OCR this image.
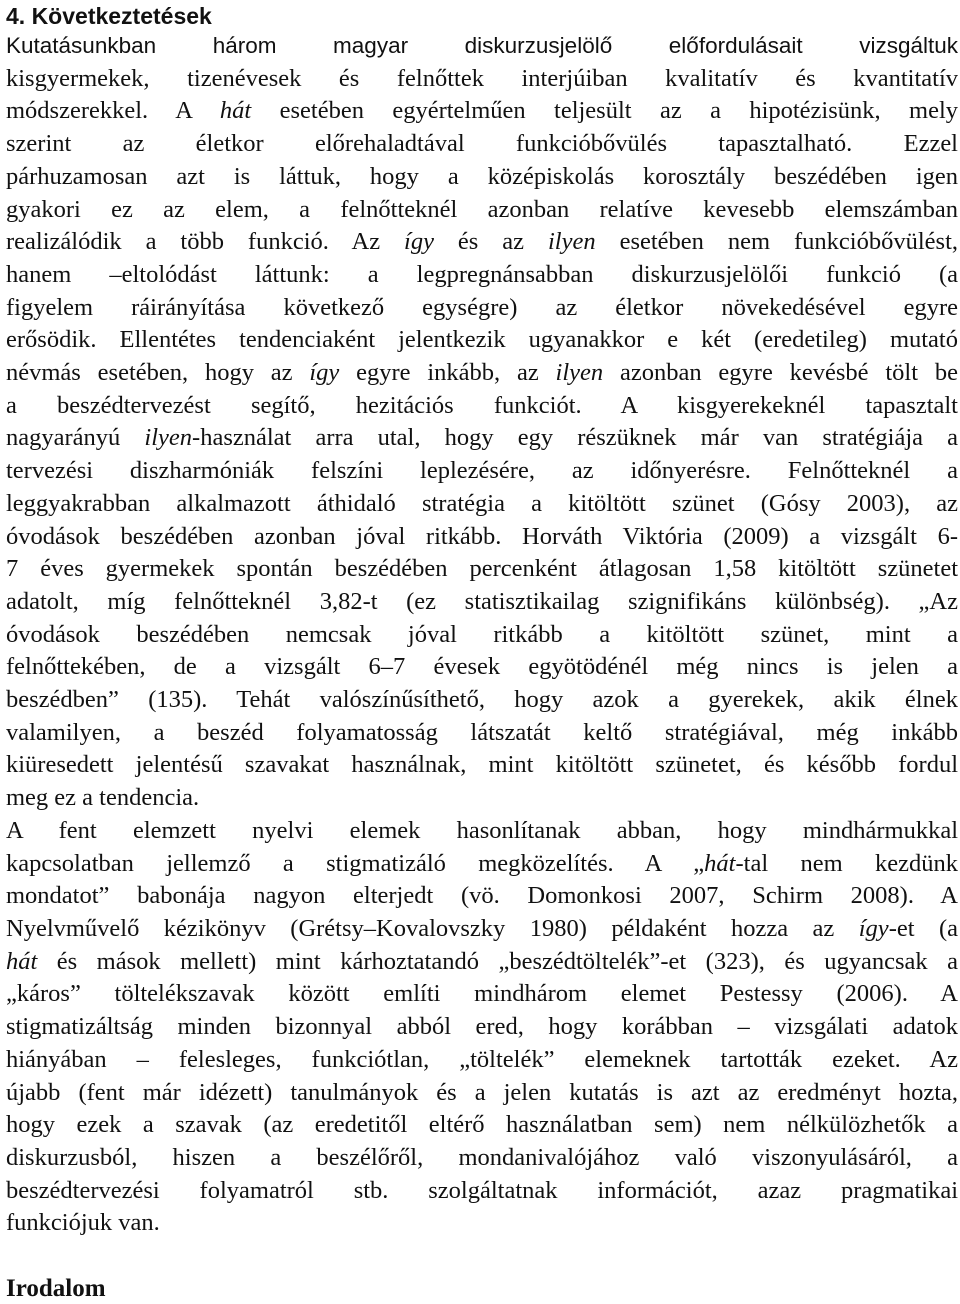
4. Következtetések

Kutatásunkban három magyar diskurzusjelölő előfordulásait vizsgáltuk
kisgyermekek, tizenévesek és felnőttek interjúiban kvalitatív és kvantitatív
módszerekkel. A hát esetében egyértelműen teljesült az a hipotézisünk, mely
szerint az életkor előrehaladtával funkcióbővülés tapasztalható. Ezzel
párhuzamosan azt is láttuk, hogy a középiskolás korosztály beszédében igen
gyakori ez az elem, a felnőtteknél azonban relatíve kevesebb elemszámban
realizálódik a több funkció. Az így és az ilyen esetében nem funkcióbővülést,
hanem –eltolódást láttunk: a legpregnánsabban diskurzusjelölői funkció (a
figyelem ráirányítása következő egységre) az életkor növekedésével egyre
erősödik. Ellentétes tendenciaként jelentkezik ugyanakkor e két (eredetileg) mutató
névmás esetében, hogy az így egyre inkább, az ilyen azonban egyre kevésbé tölt be
a beszédtervezést segítő, hezitációs funkciót. A kisgyerekeknél tapasztalt
nagyarányú ilyen-használat arra utal, hogy egy részüknek már van stratégiája a
tervezési diszharmóniák felszíni leplezésére, az időnyerésre. Felnőtteknél a
leggyakrabban alkalmazott áthidaló stratégia a kitöltött szünet (Gósy 2003), az
óvodások beszédében azonban jóval ritkább. Horváth Viktória (2009) a vizsgált 6-
7 éves gyermekek spontán beszédében percenként átlagosan 1,58 kitöltött szünetet
adatolt, míg felnőtteknél 3,82-t (ez statisztikailag szignifikáns különbség). „Az
óvodások beszédében nemcsak jóval ritkább a kitöltött szünet, mint a
felnőttekében, de a vizsgált 6–7 évesek egyötödénél még nincs is jelen a
beszédben” (135). Tehát valószínűsíthető, hogy azok a gyerekek, akik élnek
valamilyen, a beszéd folyamatosság látszatát keltő stratégiával, még inkább
kiüresedett jelentésű szavakat használnak, mint kitöltött szünetet, és később fordul
meg ez a tendencia.

A fent elemzett nyelvi elemek hasonlítanak abban, hogy mindhármukkal
kapcsolatban jellemző a stigmatizáló megközelítés. A „hát-tal nem kezdünk
mondatot” babonája nagyon elterjedt (vö. Domonkosi 2007, Schirm 2008). A
Nyelvművelő kézikönyv (Grétsy–Kovalovszky 1980) példaként hozza az így-et (a
hát és mások mellett) mint kárhoztatandó „beszédtöltelék”-et (323), és ugyancsak a
„káros” töltelékszavak között említi mindhárom elemet Pestessy (2006). A
stigmatizáltság minden bizonnyal abból ered, hogy korábban – vizsgálati adatok
hiányában – felesleges, funkciótlan, „töltelék” elemeknek tartották ezeket. Az
újabb (fent már idézett) tanulmányok és a jelen kutatás is azt az eredményt hozta,
hogy ezek a szavak (az eredetitől eltérő használatban sem) nem nélkülözhetők a
diskurzusból, hiszen a beszélőről, mondanivalójához való viszonyulásáról, a
beszédtervezési folyamatról stb. szolgáltatnak információt, azaz pragmatikai
funkciójuk van.

Irodalom
